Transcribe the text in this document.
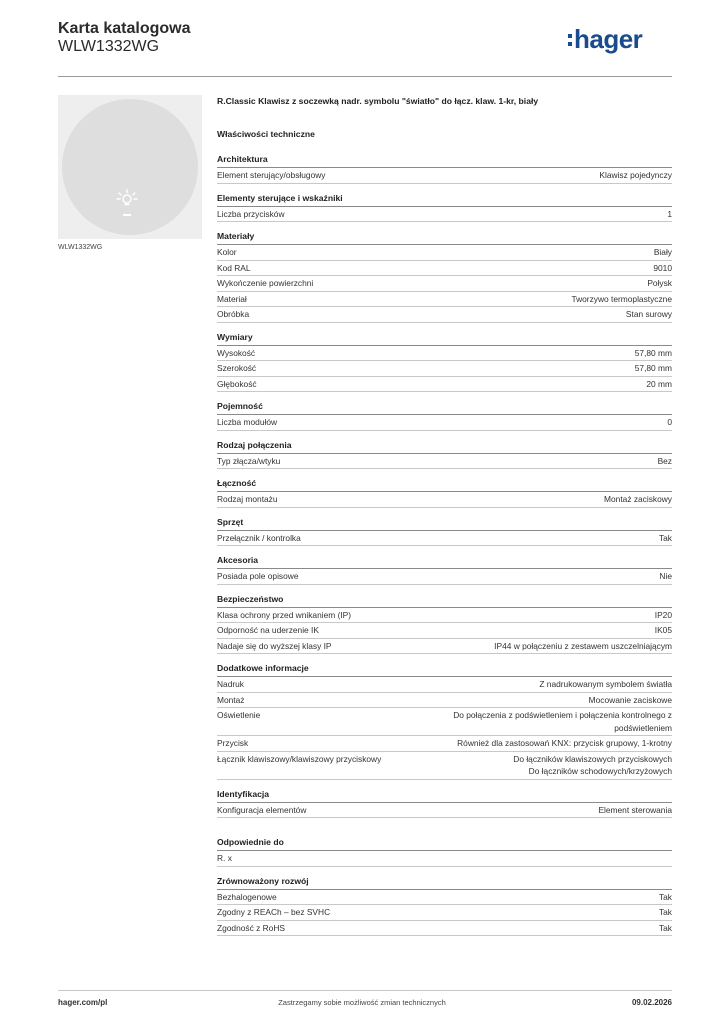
Karta katalogowa
WLW1332WG	hager
WLW1332WG
R.Classic Klawisz z soczewką nadr. symbolu "światło" do łącz. klaw. 1-kr, biały
Właściwości techniczne
Architektura
Element sterujący/obsługowy	Klawisz pojedynczy
Elementy sterujące i wskaźniki
Liczba przycisków	1
Materiały
Kolor	Biały
Kod RAL	9010
Wykończenie powierzchni	Połysk
Materiał	Tworzywo termoplastyczne
Obróbka	Stan surowy
Wymiary
Wysokość	57,80 mm
Szerokość	57,80 mm
Głębokość	20 mm
Pojemność
Liczba modułów	0
Rodzaj połączenia
Typ złącza/wtyku	Bez
Łączność
Rodzaj montażu	Montaż zaciskowy
Sprzęt
Przełącznik / kontrolka	Tak
Akcesoria
Posiada pole opisowe	Nie
Bezpieczeństwo
Klasa ochrony przed wnikaniem (IP)	IP20
Odporność na uderzenie IK	IK05
Nadaje się do wyższej klasy IP	IP44 w połączeniu z zestawem uszczelniającym
Dodatkowe informacje
Nadruk	Z nadrukowanym symbolem światła
Montaż	Mocowanie zaciskowe
Oświetlenie	Do połączenia z podświetleniem i połączenia kontrolnego z
podświetleniem
Przycisk	Również dla zastosowań KNX: przycisk grupowy, 1-krotny
Łącznik klawiszowy/klawiszowy przyciskowy	Do łączników klawiszowych przyciskowych
Do łączników schodowych/krzyżowych
Identyfikacja
Konfiguracja elementów	Element sterowania
Odpowiednie do
R. x
Zrównoważony rozwój
Bezhalogenowe	Tak
Zgodny z REACh – bez SVHC	Tak
Zgodność z RoHS	Tak
hager.com/pl	Zastrzegamy sobie możliwość zmian technicznych	09.02.2026
